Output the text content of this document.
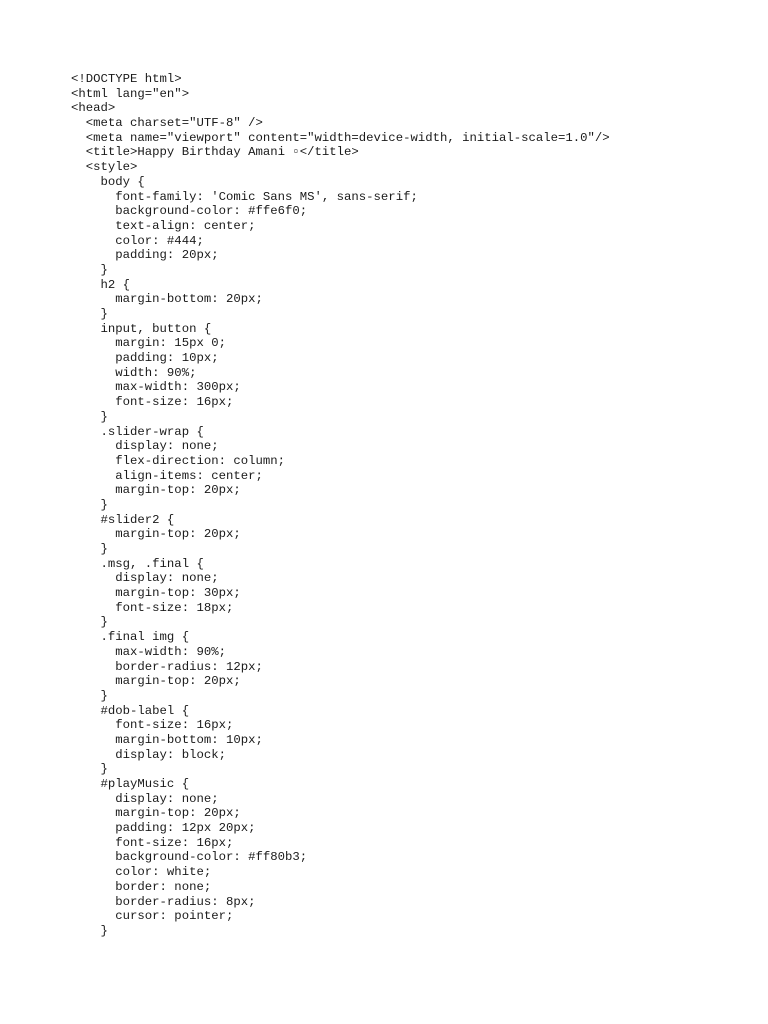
<!DOCTYPE html>
<html lang="en">
<head>
<meta charset="UTF-8" />
<meta name="viewport" content="width=device-width, initial-scale=1.0"/>
<title>Happy Birthday Amani ▫</title>
<style>
body {
font-family: 'Comic Sans MS', sans-serif;
background-color: #ffe6f0;
text-align: center;
color: #444;
padding: 20px;
}
h2 {
margin-bottom: 20px;
}
input, button {
margin: 15px 0;
padding: 10px;
width: 90%;
max-width: 300px;
font-size: 16px;
}
.slider-wrap {
display: none;
flex-direction: column;
align-items: center;
margin-top: 20px;
}
#slider2 {
margin-top: 20px;
}
.msg, .final {
display: none;
margin-top: 30px;
font-size: 18px;
}
.final img {
max-width: 90%;
border-radius: 12px;
margin-top: 20px;
}
#dob-label {
font-size: 16px;
margin-bottom: 10px;
display: block;
}
#playMusic {
display: none;
margin-top: 20px;
padding: 12px 20px;
font-size: 16px;
background-color: #ff80b3;
color: white;
border: none;
border-radius: 8px;
cursor: pointer;
}
